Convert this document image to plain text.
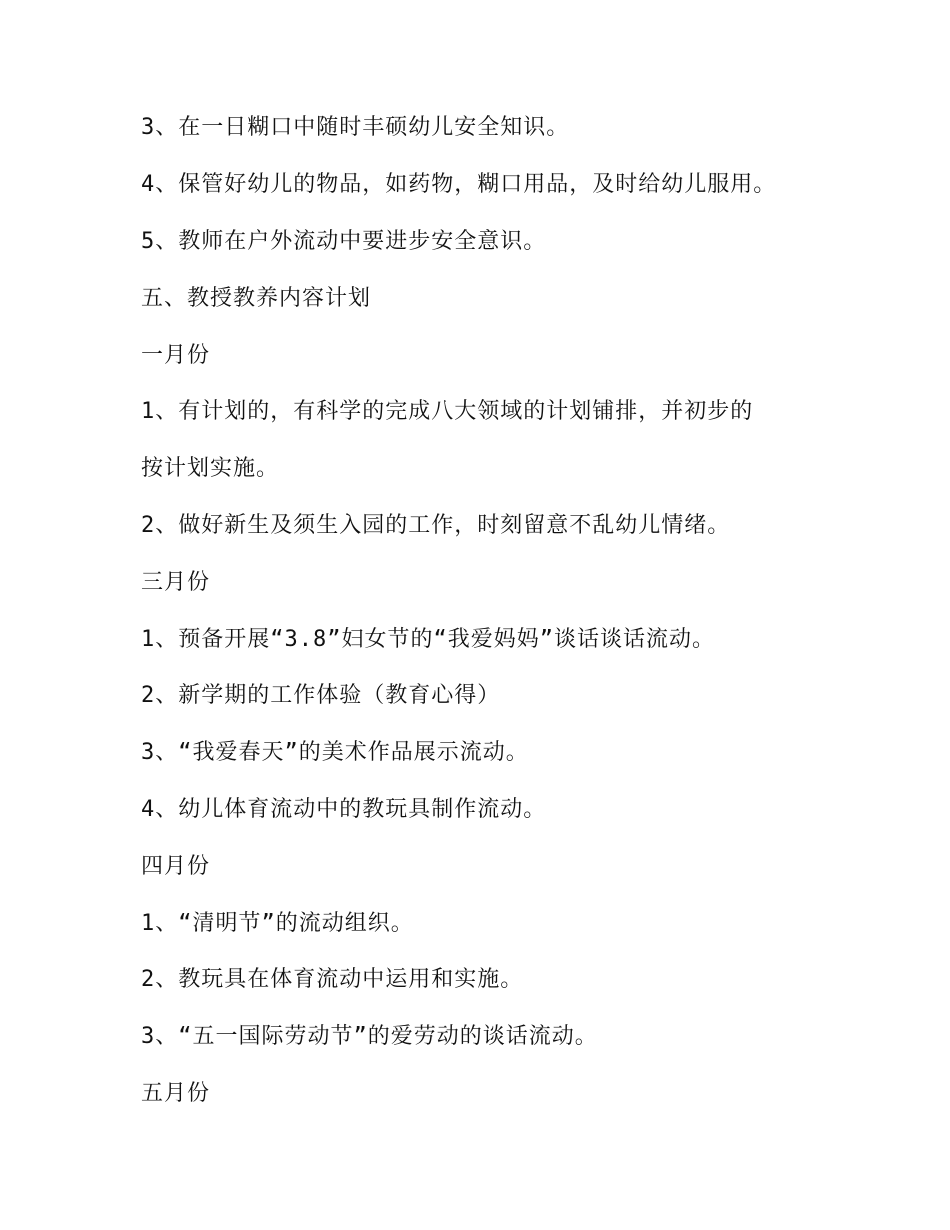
3、在一日糊口中随时丰硕幼儿安全知识。

4、保管好幼儿的物品，如药物，糊口用品，及时给幼儿服用。

5、教师在户外流动中要进步安全意识。

五、教授教养内容计划

一月份

1、有计划的，有科学的完成八大领域的计划铺排，并初步的

按计划实施。

2、做好新生及须生入园的工作，时刻留意不乱幼儿情绪。

三月份

1、预备开展“3.8”妇女节的“我爱妈妈”谈话谈话流动。

2、新学期的工作体验（教育心得）

3、“我爱春天”的美术作品展示流动。

4、幼儿体育流动中的教玩具制作流动。

四月份

1、“清明节”的流动组织。

2、教玩具在体育流动中运用和实施。

3、“五一国际劳动节”的爱劳动的谈话流动。

五月份
